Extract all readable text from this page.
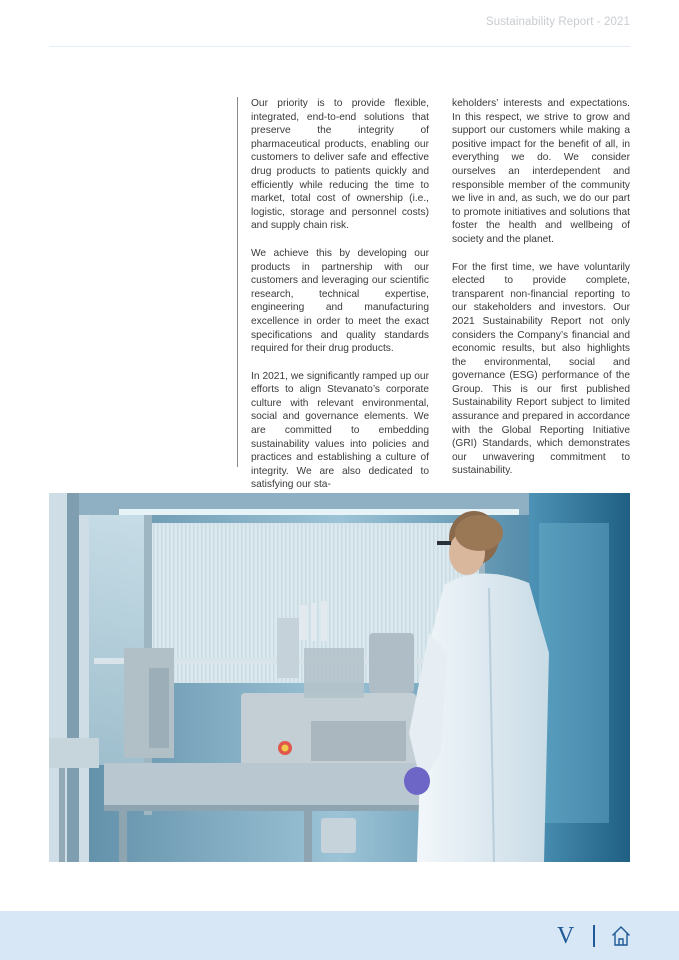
Sustainability Report - 2021

Our priority is to provide flexible, integrated, end-to-end solutions that preserve the integrity of pharmaceutical products, enabling our customers to deliver safe and effective drug products to patients quickly and efficiently while reducing the time to market, total cost of ownership (i.e., logistic, storage and personnel costs) and supply chain risk.

We achieve this by developing our products in partnership with our customers and leveraging our scientific research, technical expertise, engineering and manufacturing excellence in order to meet the exact specifications and quality standards required for their drug products.

In 2021, we significantly ramped up our efforts to align Stevanato’s corporate culture with relevant environmental, social and governance elements. We are committed to embedding sustainability values into policies and practices and establishing a culture of integrity. We are also dedicated to satisfying our sta-

keholders’ interests and expectations. In this respect, we strive to grow and support our customers while making a positive impact for the benefit of all, in everything we do. We consider ourselves an interdependent and responsible member of the community we live in and, as such, we do our part to promote initiatives and solutions that foster the health and wellbeing of society and the planet.

For the first time, we have voluntarily elected to provide complete, transparent non-financial reporting to our stakeholders and investors. Our 2021 Sustainability Report not only considers the Company’s financial and economic results, but also highlights the environmental, social and governance (ESG) performance of the Group. This is our first published Sustainability Report subject to limited assurance and prepared in accordance with the Global Reporting Initiative (GRI) Standards, which demonstrates our unwavering commitment to sustainability.

V
